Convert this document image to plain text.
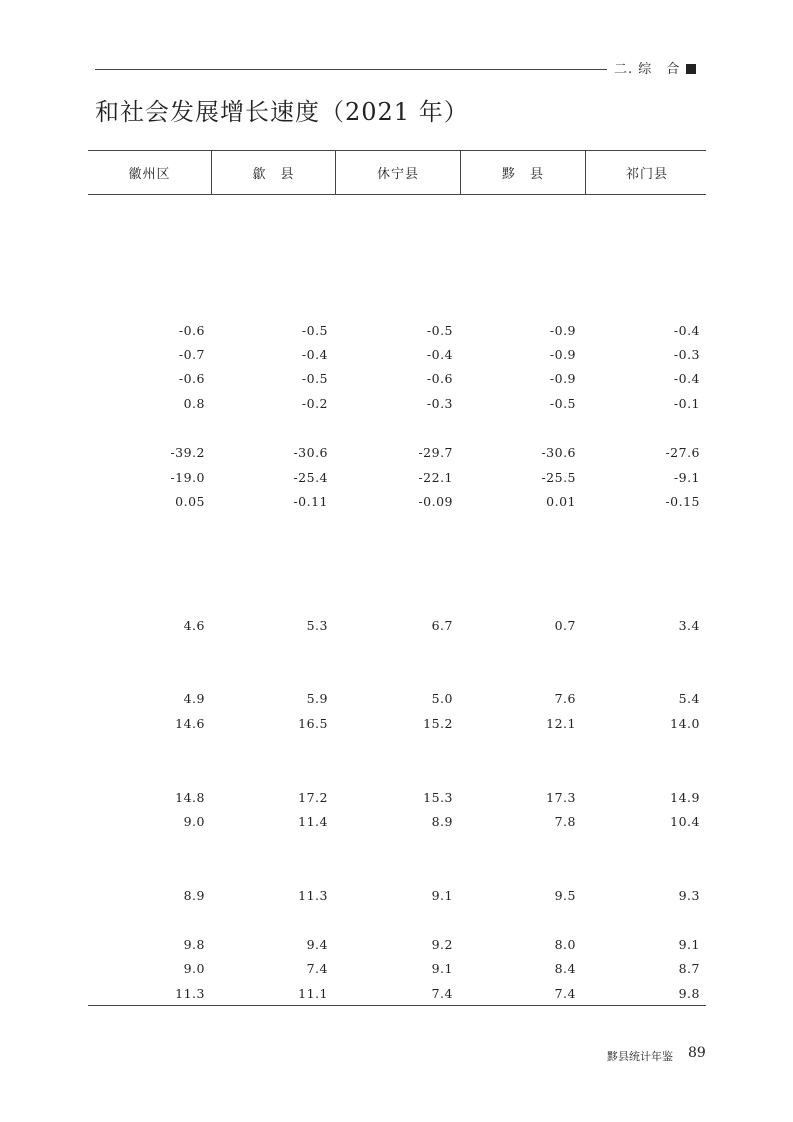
二. 综　合
和社会发展增长速度（2021 年）
徽州区	歙　县	休宁县	黟　县	祁门县
-0.6	-0.5	-0.5	-0.9	-0.4
-0.7	-0.4	-0.4	-0.9	-0.3
-0.6	-0.5	-0.6	-0.9	-0.4
0.8	-0.2	-0.3	-0.5	-0.1
-39.2	-30.6	-29.7	-30.6	-27.6
-19.0	-25.4	-22.1	-25.5	-9.1
0.05	-0.11	-0.09	0.01	-0.15
4.6	5.3	6.7	0.7	3.4
4.9	5.9	5.0	7.6	5.4
14.6	16.5	15.2	12.1	14.0
14.8	17.2	15.3	17.3	14.9
9.0	11.4	8.9	7.8	10.4
8.9	11.3	9.1	9.5	9.3
9.8	9.4	9.2	8.0	9.1
9.0	7.4	9.1	8.4	8.7
11.3	11.1	7.4	7.4	9.8
黟县统计年鉴 89
